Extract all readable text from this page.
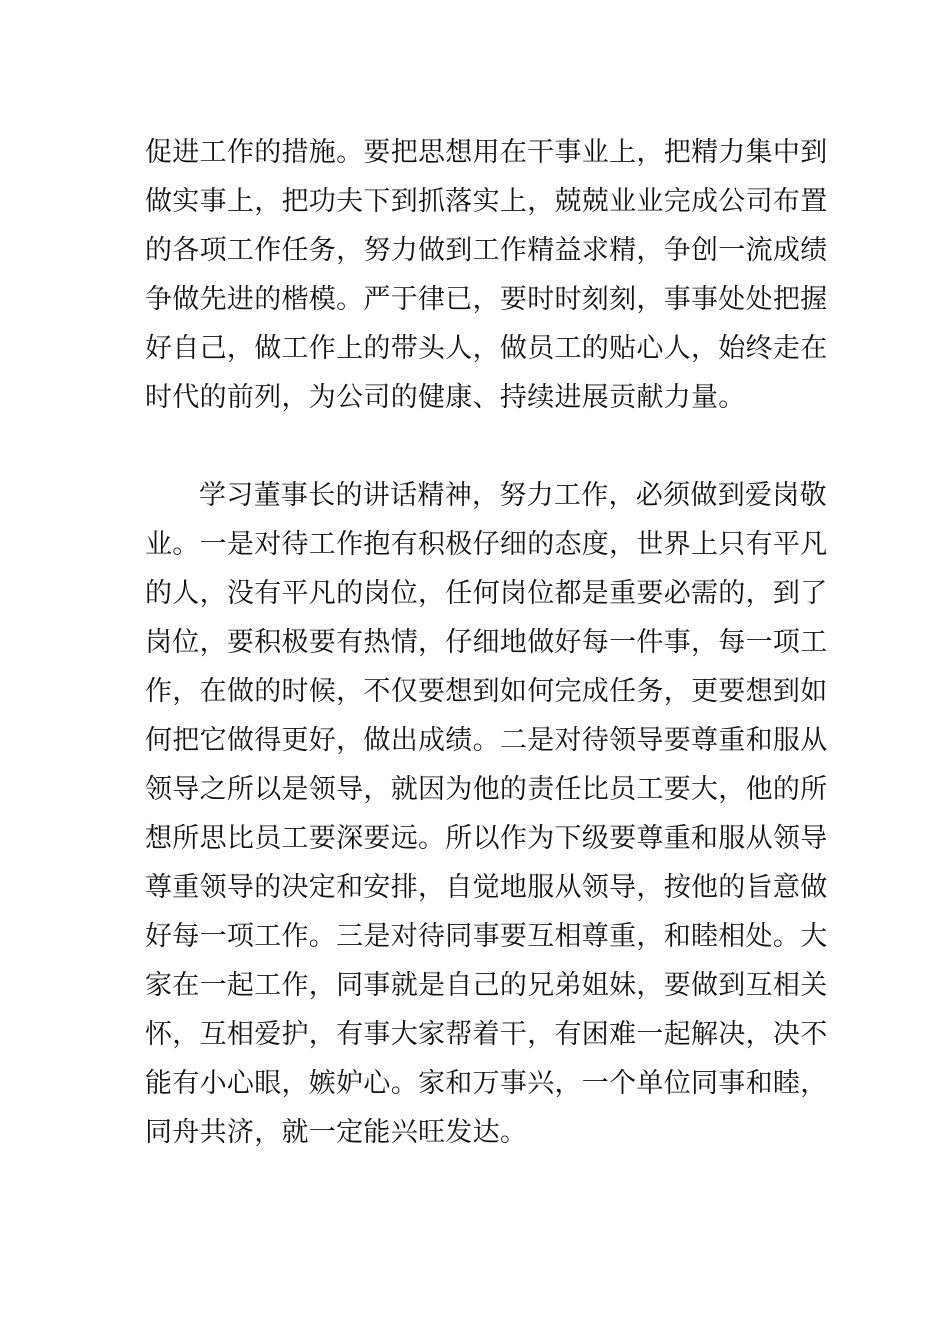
促进工作的措施。要把思想用在干事业上，把精力集中到
做实事上，把功夫下到抓落实上，兢兢业业完成公司布置
的各项工作任务，努力做到工作精益求精，争创一流成绩
争做先进的楷模。严于律已，要时时刻刻，事事处处把握
好自己，做工作上的带头人，做员工的贴心人，始终走在
时代的前列，为公司的健康、持续进展贡献力量。
学习董事长的讲话精神，努力工作，必须做到爱岗敬
业。一是对待工作抱有积极仔细的态度，世界上只有平凡
的人，没有平凡的岗位，任何岗位都是重要必需的，到了
岗位，要积极要有热情，仔细地做好每一件事，每一项工
作，在做的时候，不仅要想到如何完成任务，更要想到如
何把它做得更好，做出成绩。二是对待领导要尊重和服从
领导之所以是领导，就因为他的责任比员工要大，他的所
想所思比员工要深要远。所以作为下级要尊重和服从领导
尊重领导的决定和安排，自觉地服从领导，按他的旨意做
好每一项工作。三是对待同事要互相尊重，和睦相处。大
家在一起工作，同事就是自己的兄弟姐妹，要做到互相关
怀，互相爱护，有事大家帮着干，有困难一起解决，决不
能有小心眼，嫉妒心。家和万事兴，一个单位同事和睦，
同舟共济，就一定能兴旺发达。
